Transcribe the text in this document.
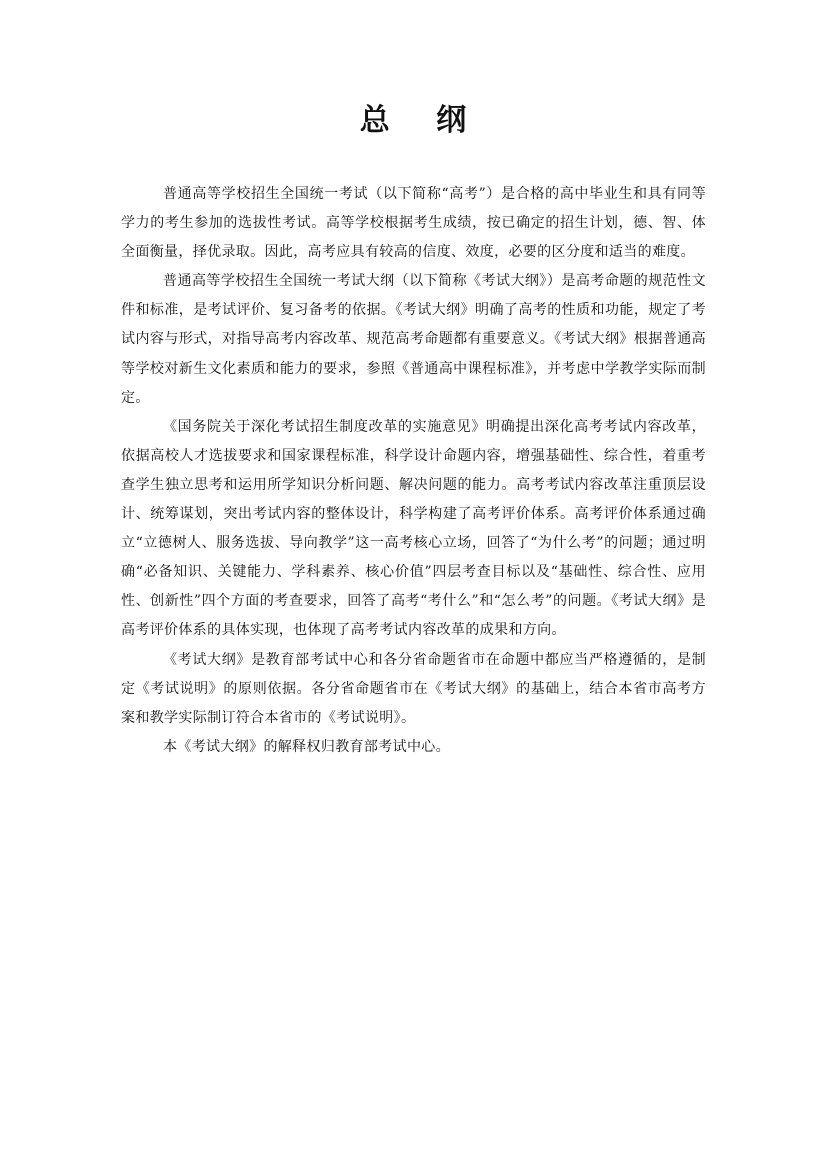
总 纲

普通高等学校招生全国统一考试（以下简称“高考”）是合格的高中毕业生和具有同等学力的考生参加的选拔性考试。高等学校根据考生成绩，按已确定的招生计划，德、智、体全面衡量，择优录取。因此，高考应具有较高的信度、效度，必要的区分度和适当的难度。

普通高等学校招生全国统一考试大纲（以下简称《考试大纲》）是高考命题的规范性文件和标准，是考试评价、复习备考的依据。《考试大纲》明确了高考的性质和功能，规定了考试内容与形式，对指导高考内容改革、规范高考命题都有重要意义。《考试大纲》根据普通高等学校对新生文化素质和能力的要求，参照《普通高中课程标准》，并考虑中学教学实际而制定。

《国务院关于深化考试招生制度改革的实施意见》明确提出深化高考考试内容改革，依据高校人才选拔要求和国家课程标准，科学设计命题内容，增强基础性、综合性，着重考查学生独立思考和运用所学知识分析问题、解决问题的能力。高考考试内容改革注重顶层设计、统筹谋划，突出考试内容的整体设计，科学构建了高考评价体系。高考评价体系通过确立“立德树人、服务选拔、导向教学”这一高考核心立场，回答了“为什么考”的问题；通过明确“必备知识、关键能力、学科素养、核心价值”四层考查目标以及“基础性、综合性、应用性、创新性”四个方面的考查要求，回答了高考“考什么”和“怎么考”的问题。《考试大纲》是高考评价体系的具体实现，也体现了高考考试内容改革的成果和方向。

《考试大纲》是教育部考试中心和各分省命题省市在命题中都应当严格遵循的，是制定《考试说明》的原则依据。各分省命题省市在《考试大纲》的基础上，结合本省市高考方案和教学实际制订符合本省市的《考试说明》。

本《考试大纲》的解释权归教育部考试中心。
